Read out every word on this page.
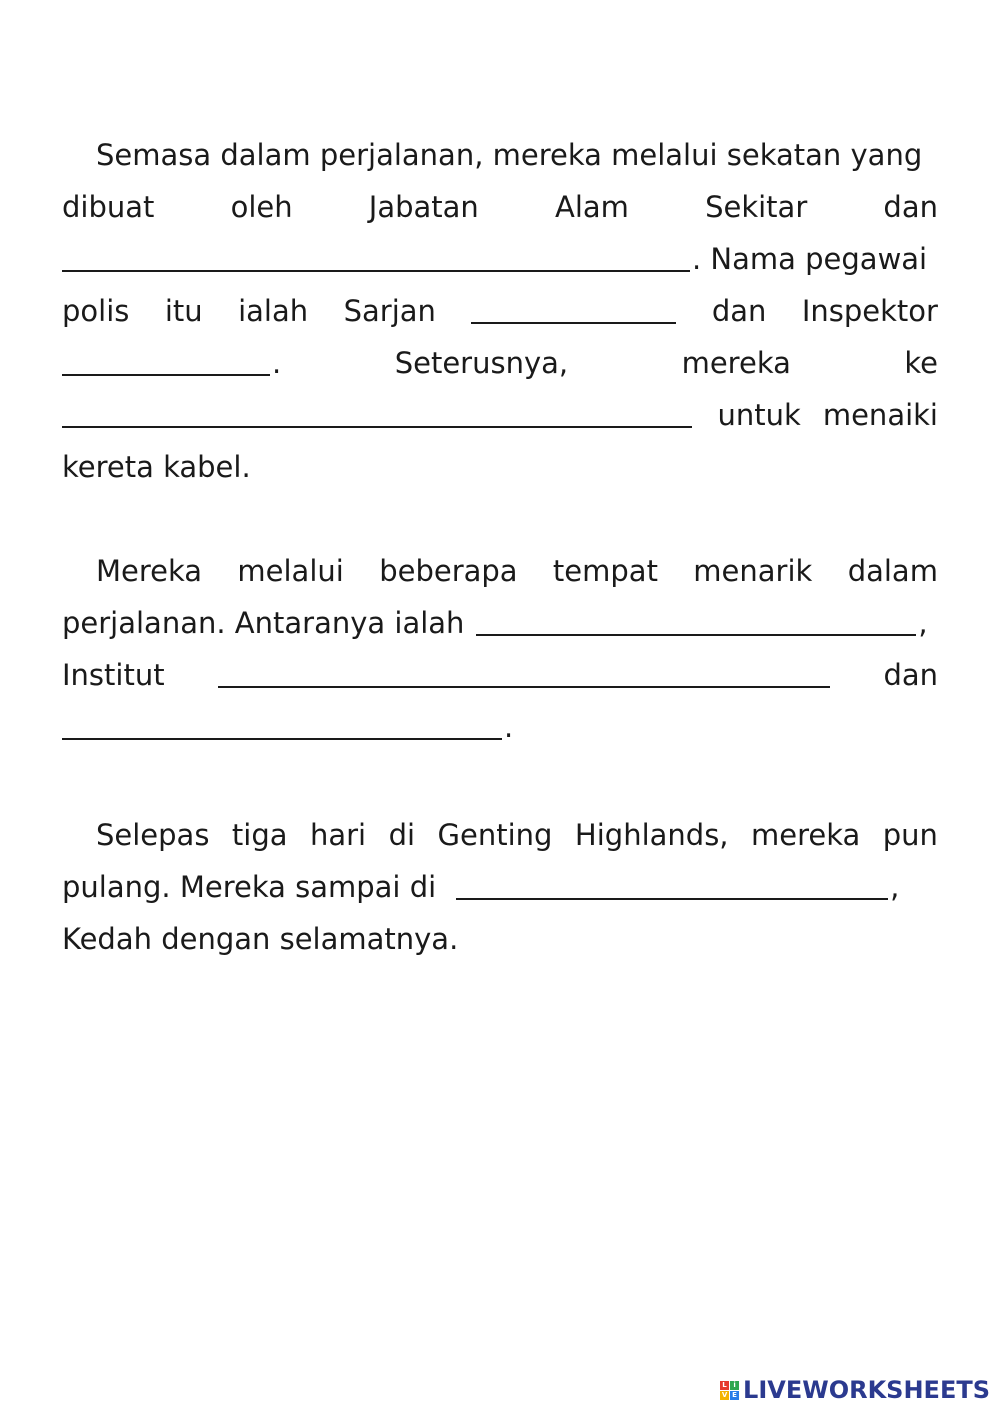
Semasa dalam perjalanan, mereka melalui sekatan yang
dibuat	oleh	Jabatan	Alam	Sekitar	dan
. Nama pegawai
polis itu ialah Sarjan	dan Inspektor
.	Seterusnya,	mereka	ke
untuk menaiki
kereta kabel.
Mereka melalui beberapa tempat menarik dalam
perjalanan. Antaranya ialah	,
Institut	dan
.
Selepas tiga hari di Genting Highlands, mereka pun
pulang. Mereka sampai di	,
Kedah dengan selamatnya.
L i
V E LIVEWORKSHEETS
